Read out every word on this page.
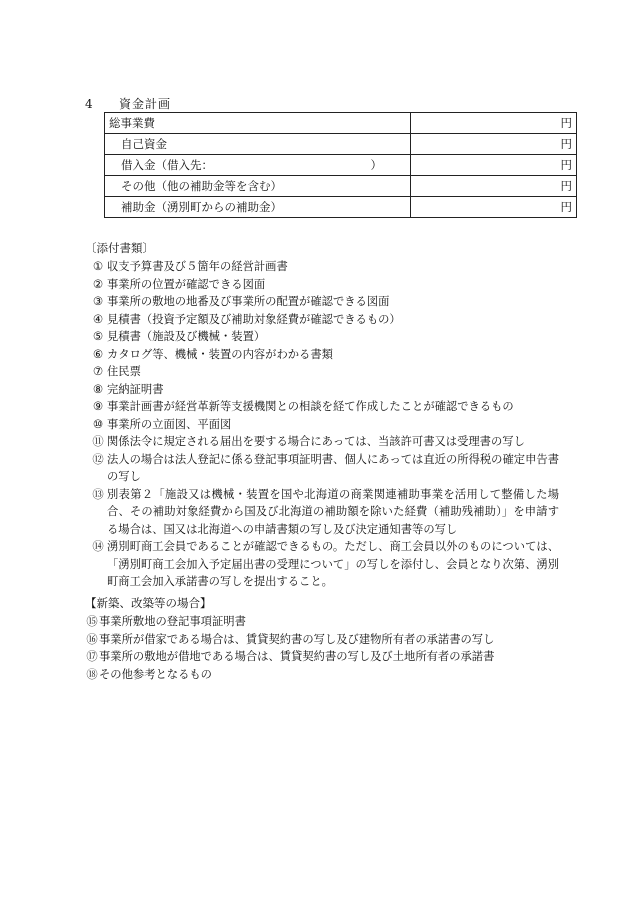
4 資金計画
総事業費	円

自己資金	円

借入金（借入先： ）	円

その他（他の補助金等を含む）	円

補助金（湧別町からの補助金）	円
〔添付書類〕
① 収支予算書及び５箇年の経営計画書
② 事業所の位置が確認できる図面
③ 事業所の敷地の地番及び事業所の配置が確認できる図面
④ 見積書（投資予定額及び補助対象経費が確認できるもの）
⑤ 見積書（施設及び機械・装置）
⑥ カタログ等、機械・装置の内容がわかる書類
⑦ 住民票
⑧ 完納証明書
⑨ 事業計画書が経営革新等支援機関との相談を経て作成したことが確認できるもの
⑩ 事業所の立面図、平面図
⑪ 関係法令に規定される届出を要する場合にあっては、当該許可書又は受理書の写し
⑫ 法人の場合は法人登記に係る登記事項証明書、個人にあっては直近の所得税の確定申告書の写し
⑬ 別表第２「施設又は機械・装置を国や北海道の商業関連補助事業を活用して整備した場合、その補助対象経費から国及び北海道の補助額を除いた経費（補助残補助）」を申請する場合は、国又は北海道への申請書類の写し及び決定通知書等の写し
⑭ 湧別町商工会員であることが確認できるもの。ただし、商工会員以外のものについては、「湧別町商工会加入予定届出書の受理について」の写しを添付し、会員となり次第、湧別町商工会加入承諾書の写しを提出すること。
【新築、改築等の場合】
⑮ 事業所敷地の登記事項証明書
⑯ 事業所が借家である場合は、賃貸契約書の写し及び建物所有者の承諾書の写し
⑰ 事業所の敷地が借地である場合は、賃貸契約書の写し及び土地所有者の承諾書
⑱ その他参考となるもの
